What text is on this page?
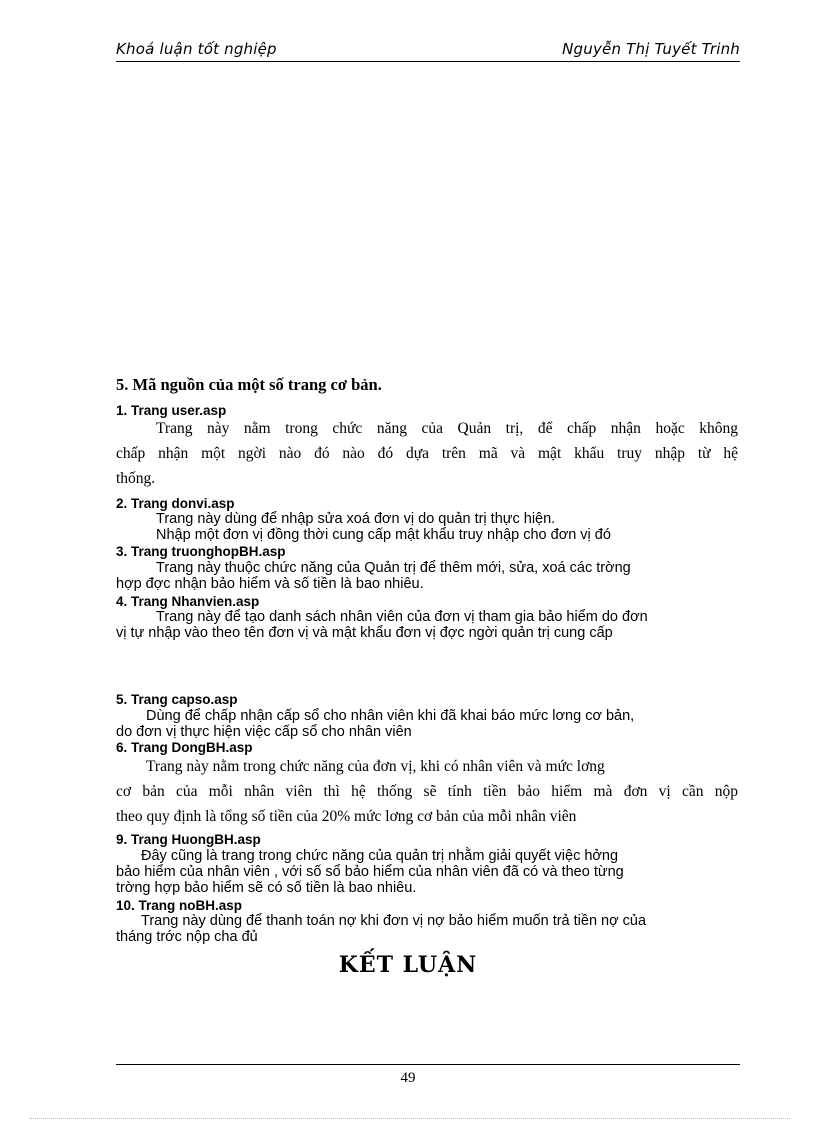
Khoá luận tốt nghiệp	Nguyễn Thị Tuyết Trinh
5. Mã nguồn của một số trang cơ bản.
1. Trang user.asp
Trang này nằm trong chức năng của Quản trị, để chấp nhận hoặc không
chấp nhận một ngời nào đó nào đó dựa trên mã và mật khẩu truy nhập từ hệ
thống.
2. Trang donvi.asp
Trang này dùng để nhập sửa xoá đơn vị do quản trị thực hiện.
Nhập một đơn vị đồng thời cung cấp mật khẩu truy nhập cho đơn vị đó
3. Trang truonghopBH.asp
Trang này thuộc chức năng của Quản trị để thêm mới, sửa, xoá các trờng
hợp đợc nhận bảo hiểm và số tiền là bao nhiêu.
4. Trang Nhanvien.asp
Trang này để tạo danh sách nhân viên của đơn vị tham gia bảo hiểm do đơn
vị tự nhập vào theo tên đơn vị và mật khẩu đơn vị đợc ngời quản trị cung cấp
5. Trang capso.asp
Dùng để chấp nhận cấp sổ cho nhân viên khi đã khai báo mức lơng cơ bản,
do đơn vị thực hiện việc cấp sổ cho nhân viên
6. Trang DongBH.asp
Trang này nằm trong chức năng của đơn vị, khi có nhân viên và mức lơng
cơ bản của mỗi nhân viên thì hệ thống sẽ tính tiền bảo hiểm mà đơn vị cần nộp
theo quy định là tổng số tiền của 20% mức lơng cơ bản của mỗi nhân viên
9. Trang HuongBH.asp
Đây cũng là trang trong chức năng của quản trị nhằm giải quyết việc hởng
bảo hiểm của nhân viên , với số sổ bảo hiểm của nhân viên đã có và theo từng
trờng hợp bảo hiểm sẽ có số tiền là bao nhiêu.
10. Trang noBH.asp
Trang này dùng để thanh toán nợ khi đơn vị nợ bảo hiểm muốn trả tiền nợ của
tháng trớc nộp cha đủ
KẾT LUẬN
49
